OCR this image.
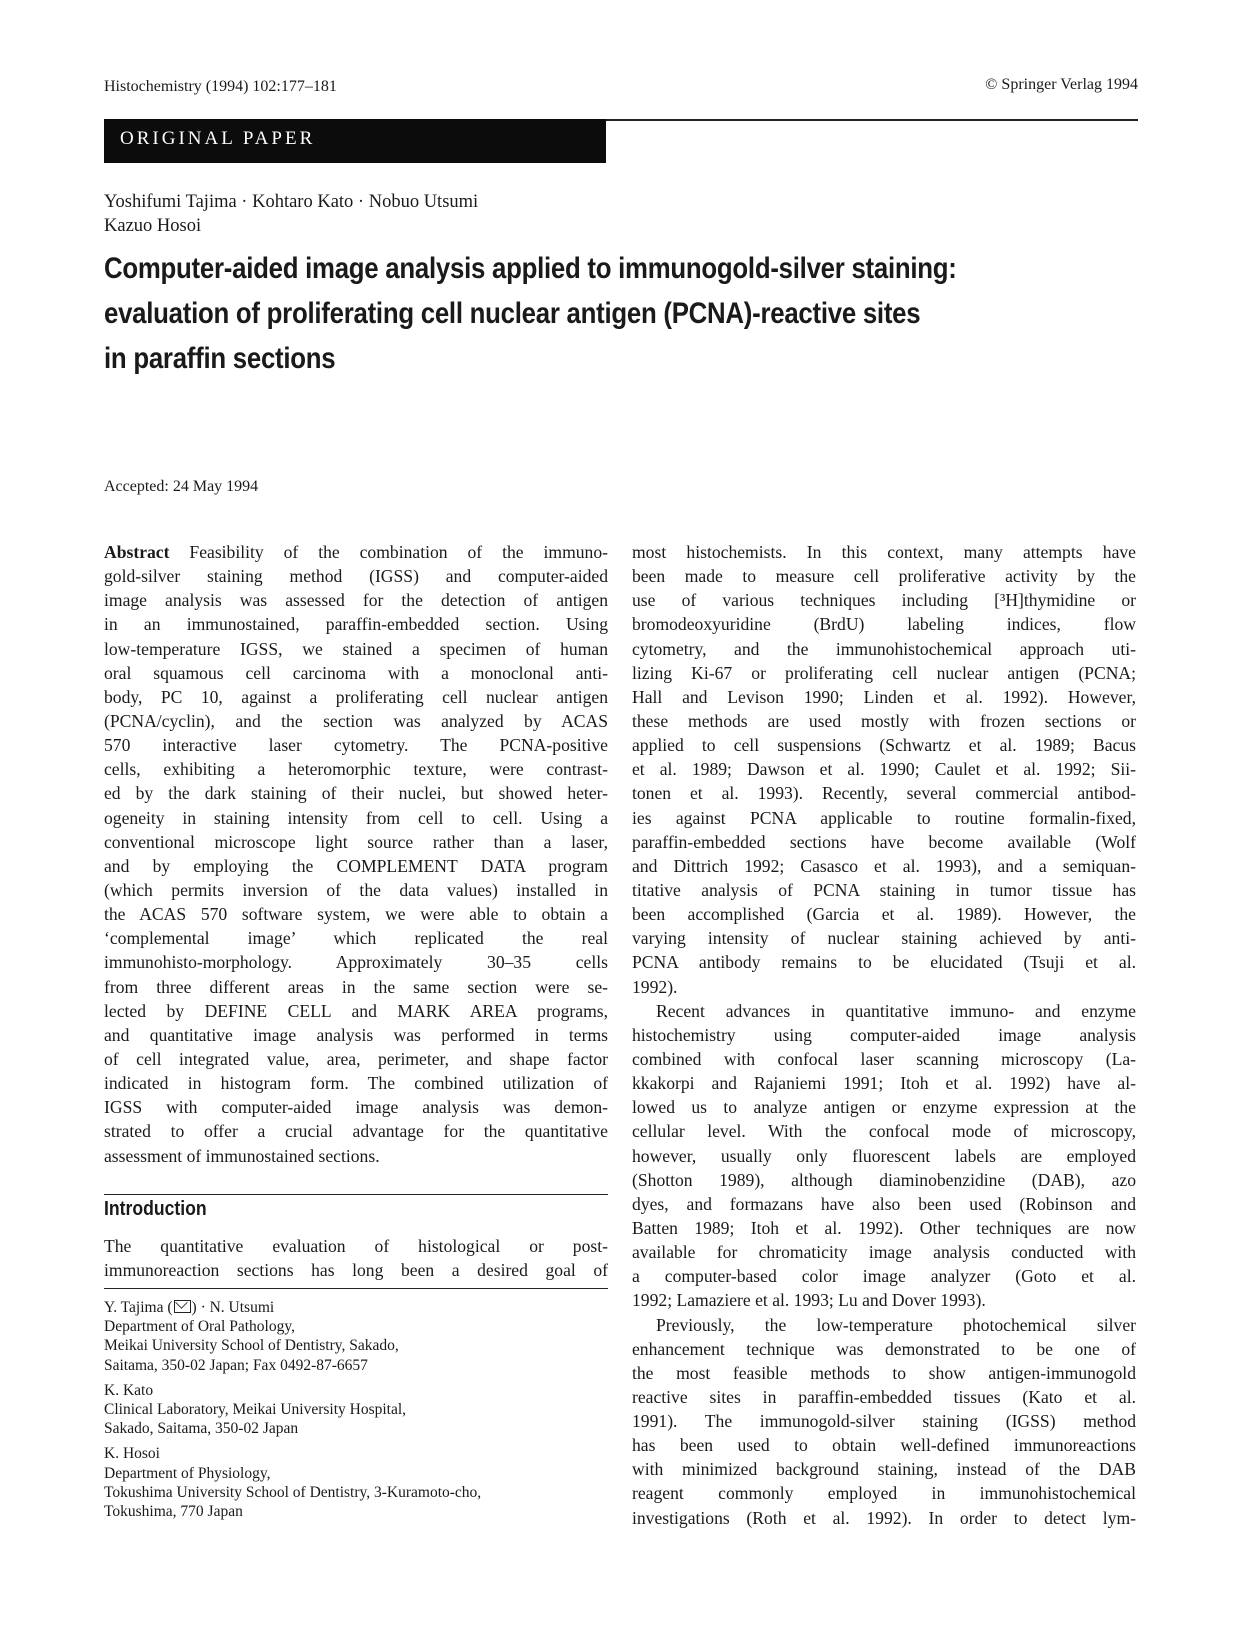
Histochemistry (1994) 102:177–181	© Springer Verlag 1994
ORIGINAL PAPER
Yoshifumi Tajima · Kohtaro Kato · Nobuo Utsumi
Kazuo Hosoi
Computer-aided image analysis applied to immunogold-silver staining:
evaluation of proliferating cell nuclear antigen (PCNA)-reactive sites
in paraffin sections
Accepted: 24 May 1994
Abstract Feasibility of the combination of the immuno-
gold-silver staining method (IGSS) and computer-aided
image analysis was assessed for the detection of antigen
in an immunostained, paraffin-embedded section. Using
low-temperature IGSS, we stained a specimen of human
oral squamous cell carcinoma with a monoclonal anti-
body, PC 10, against a proliferating cell nuclear antigen
(PCNA/cyclin), and the section was analyzed by ACAS
570 interactive laser cytometry. The PCNA-positive
cells, exhibiting a heteromorphic texture, were contrast-
ed by the dark staining of their nuclei, but showed heter-
ogeneity in staining intensity from cell to cell. Using a
conventional microscope light source rather than a laser,
and by employing the COMPLEMENT DATA program
(which permits inversion of the data values) installed in
the ACAS 570 software system, we were able to obtain a
‘complemental image’ which replicated the real
immunohisto-morphology. Approximately 30–35 cells
from three different areas in the same section were se-
lected by DEFINE CELL and MARK AREA programs,
and quantitative image analysis was performed in terms
of cell integrated value, area, perimeter, and shape factor
indicated in histogram form. The combined utilization of
IGSS with computer-aided image analysis was demon-
strated to offer a crucial advantage for the quantitative
assessment of immunostained sections.
Introduction
The quantitative evaluation of histological or post-
immunoreaction sections has long been a desired goal of
Y. Tajima ( ) · N. Utsumi
Department of Oral Pathology,
Meikai University School of Dentistry, Sakado,
Saitama, 350-02 Japan; Fax 0492-87-6657
K. Kato
Clinical Laboratory, Meikai University Hospital,
Sakado, Saitama, 350-02 Japan
K. Hosoi
Department of Physiology,
Tokushima University School of Dentistry, 3-Kuramoto-cho,
Tokushima, 770 Japan
most histochemists. In this context, many attempts have
been made to measure cell proliferative activity by the
use of various techniques including [³H]thymidine or
bromodeoxyuridine (BrdU) labeling indices, flow
cytometry, and the immunohistochemical approach uti-
lizing Ki-67 or proliferating cell nuclear antigen (PCNA;
Hall and Levison 1990; Linden et al. 1992). However,
these methods are used mostly with frozen sections or
applied to cell suspensions (Schwartz et al. 1989; Bacus
et al. 1989; Dawson et al. 1990; Caulet et al. 1992; Sii-
tonen et al. 1993). Recently, several commercial antibod-
ies against PCNA applicable to routine formalin-fixed,
paraffin-embedded sections have become available (Wolf
and Dittrich 1992; Casasco et al. 1993), and a semiquan-
titative analysis of PCNA staining in tumor tissue has
been accomplished (Garcia et al. 1989). However, the
varying intensity of nuclear staining achieved by anti-
PCNA antibody remains to be elucidated (Tsuji et al.
1992).
Recent advances in quantitative immuno- and enzyme
histochemistry using computer-aided image analysis
combined with confocal laser scanning microscopy (La-
kkakorpi and Rajaniemi 1991; Itoh et al. 1992) have al-
lowed us to analyze antigen or enzyme expression at the
cellular level. With the confocal mode of microscopy,
however, usually only fluorescent labels are employed
(Shotton 1989), although diaminobenzidine (DAB), azo
dyes, and formazans have also been used (Robinson and
Batten 1989; Itoh et al. 1992). Other techniques are now
available for chromaticity image analysis conducted with
a computer-based color image analyzer (Goto et al.
1992; Lamaziere et al. 1993; Lu and Dover 1993).
Previously, the low-temperature photochemical silver
enhancement technique was demonstrated to be one of
the most feasible methods to show antigen-immunogold
reactive sites in paraffin-embedded tissues (Kato et al.
1991). The immunogold-silver staining (IGSS) method
has been used to obtain well-defined immunoreactions
with minimized background staining, instead of the DAB
reagent commonly employed in immunohistochemical
investigations (Roth et al. 1992). In order to detect lym-
